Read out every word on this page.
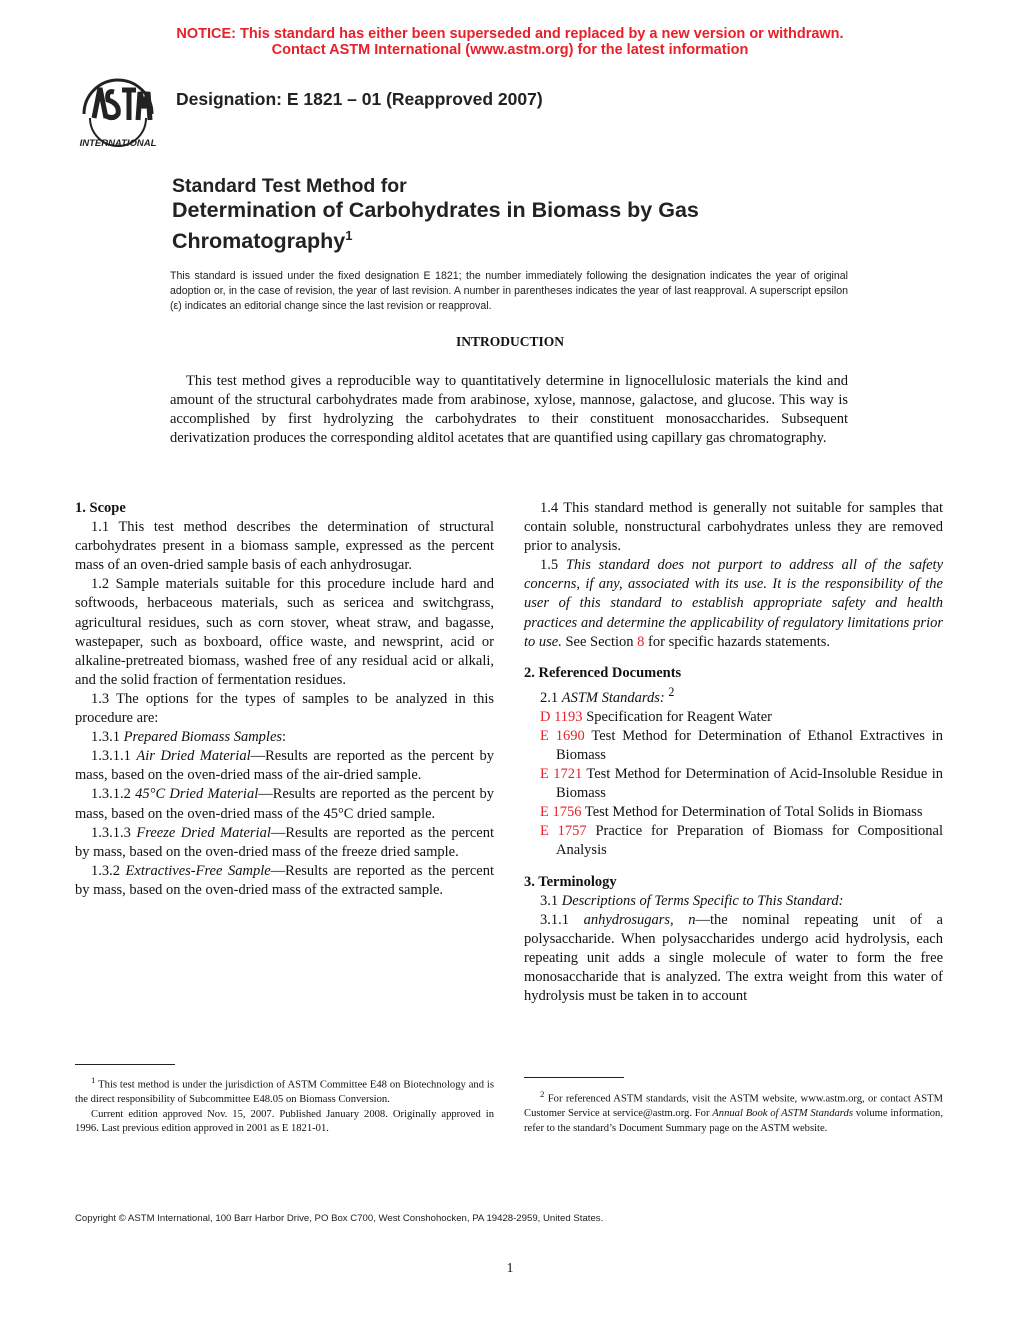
NOTICE: This standard has either been superseded and replaced by a new version or withdrawn.
Contact ASTM International (www.astm.org) for the latest information
INTERNATIONAL
Designation: E 1821 – 01 (Reapproved 2007)
Standard Test Method for
Determination of Carbohydrates in Biomass by Gas
Chromatography$^1$
This standard is issued under the fixed designation E 1821; the number immediately following the designation indicates the year of original adoption or, in the case of revision, the year of last revision. A number in parentheses indicates the year of last reapproval. A superscript epsilon (ε) indicates an editorial change since the last revision or reapproval.
INTRODUCTION
This test method gives a reproducible way to quantitatively determine in lignocellulosic materials the kind and amount of the structural carbohydrates made from arabinose, xylose, mannose, galactose, and glucose. This way is accomplished by first hydrolyzing the carbohydrates to their constituent monosaccharides. Subsequent derivatization produces the corresponding alditol acetates that are quantified using capillary gas chromatography.
1. Scope

1.1 This test method describes the determination of structural carbohydrates present in a biomass sample, expressed as the percent mass of an oven-dried sample basis of each anhydrosugar.

1.2 Sample materials suitable for this procedure include hard and softwoods, herbaceous materials, such as sericea and switchgrass, agricultural residues, such as corn stover, wheat straw, and bagasse, wastepaper, such as boxboard, office waste, and newsprint, acid or alkaline-pretreated biomass, washed free of any residual acid or alkali, and the solid fraction of fermentation residues.

1.3 The options for the types of samples to be analyzed in this procedure are:

1.3.1 Prepared Biomass Samples:

1.3.1.1 Air Dried Material—Results are reported as the percent by mass, based on the oven-dried mass of the air-dried sample.

1.3.1.2 45°C Dried Material—Results are reported as the percent by mass, based on the oven-dried mass of the 45°C dried sample.

1.3.1.3 Freeze Dried Material—Results are reported as the percent by mass, based on the oven-dried mass of the freeze dried sample.

1.3.2 Extractives-Free Sample—Results are reported as the percent by mass, based on the oven-dried mass of the extracted sample.

1.4 This standard method is generally not suitable for samples that contain soluble, nonstructural carbohydrates unless they are removed prior to analysis.

1.5 This standard does not purport to address all of the safety concerns, if any, associated with its use. It is the responsibility of the user of this standard to establish appropriate safety and health practices and determine the applicability of regulatory limitations prior to use. See Section 8 for specific hazards statements.

2. Referenced Documents

2.1 ASTM Standards: $^2$

D 1193 Specification for Reagent Water

E 1690 Test Method for Determination of Ethanol Extractives in Biomass

E 1721 Test Method for Determination of Acid-Insoluble Residue in Biomass

E 1756 Test Method for Determination of Total Solids in Biomass

E 1757 Practice for Preparation of Biomass for Compositional Analysis

3. Terminology

3.1 Descriptions of Terms Specific to This Standard:

3.1.1 anhydrosugars, n—the nominal repeating unit of a polysaccharide. When polysaccharides undergo acid hydrolysis, each repeating unit adds a single molecule of water to form the free monosaccharide that is analyzed. The extra weight from this water of hydrolysis must be taken in to account

$^1$ This test method is under the jurisdiction of ASTM Committee E48 on Biotechnology and is the direct responsibility of Subcommittee E48.05 on Biomass Conversion.

Current edition approved Nov. 15, 2007. Published January 2008. Originally approved in 1996. Last previous edition approved in 2001 as E 1821-01.

$^2$ For referenced ASTM standards, visit the ASTM website, www.astm.org, or contact ASTM Customer Service at service@astm.org. For Annual Book of ASTM Standards volume information, refer to the standard’s Document Summary page on the ASTM website.

Copyright © ASTM International, 100 Barr Harbor Drive, PO Box C700, West Conshohocken, PA 19428-2959, United States.
1
